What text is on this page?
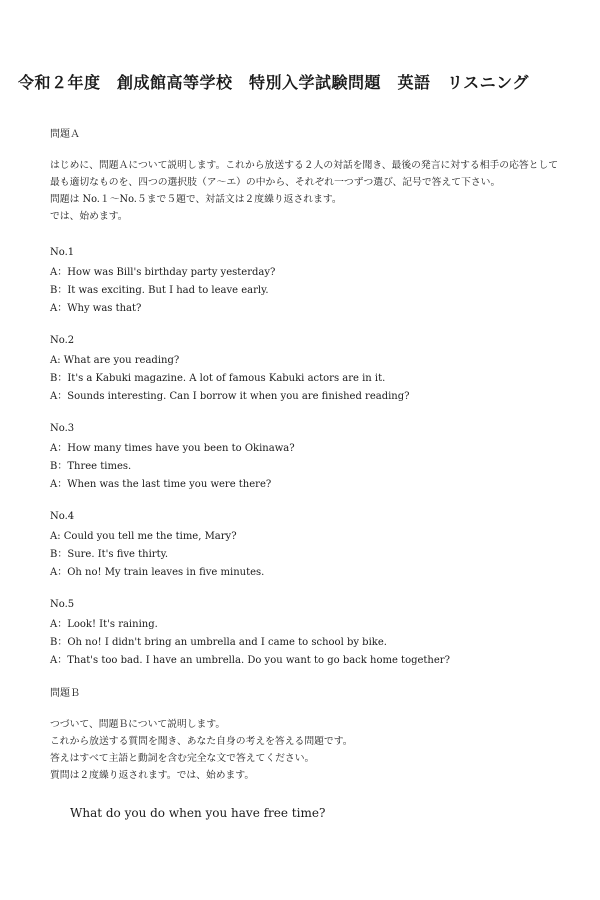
令和２年度　創成館高等学校　特別入学試験問題　英語　リスニング
問題Ａ
はじめに、問題Ａについて説明します。これから放送する２人の対話を聞き、最後の発言に対する相手の応答として
最も適切なものを、四つの選択肢（ア〜エ）の中から、それぞれ一つずつ選び、記号で答えて下さい。
問題は No.１〜No.５まで５題で、対話文は２度繰り返されます。
では、始めます。
No.1
A：How was Bill's birthday party yesterday?
B：It was exciting. But I had to leave early.
A：Why was that?
No.2
A: What are you reading?
B：It's a Kabuki magazine. A lot of famous Kabuki actors are in it.
A：Sounds interesting. Can I borrow it when you are finished reading?
No.3
A：How many times have you been to Okinawa?
B：Three times.
A：When was the last time you were there?
No.4
A: Could you tell me the time, Mary?
B：Sure. It's five thirty.
A：Oh no! My train leaves in five minutes.
No.5
A：Look! It's raining.
B：Oh no! I didn't bring an umbrella and I came to school by bike.
A：That's too bad. I have an umbrella. Do you want to go back home together?
問題Ｂ
つづいて、問題Ｂについて説明します。
これから放送する質問を聞き、あなた自身の考えを答える問題です。
答えはすべて主語と動詞を含む完全な文で答えてください。
質問は２度繰り返されます。では、始めます。
What do you do when you have free time?
